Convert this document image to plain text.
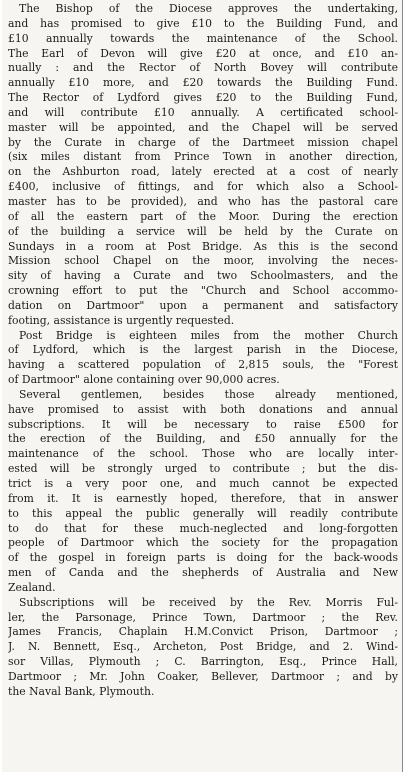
The Bishop of the Diocese approves the undertaking,
and has promised to give £10 to the Building Fund, and
£10 annually towards the maintenance of the School.
The Earl of Devon will give £20 at once, and £10 an-
nually : and the Rector of North Bovey will contribute
annually £10 more, and £20 towards the Building Fund.
The Rector of Lydford gives £20 to the Building Fund,
and will contribute £10 annually. A certificated school-
master will be appointed, and the Chapel will be served
by the Curate in charge of the Dartmeet mission chapel
(six miles distant from Prince Town in another direction,
on the Ashburton road, lately erected at a cost of nearly
£400, inclusive of fittings, and for which also a School-
master has to be provided), and who has the pastoral care
of all the eastern part of the Moor. During the erection
of the building a service will be held by the Curate on
Sundays in a room at Post Bridge. As this is the second
Mission school Chapel on the moor, involving the neces-
sity of having a Curate and two Schoolmasters, and the
crowning effort to put the "Church and School accommo-
dation on Dartmoor" upon a permanent and satisfactory
footing, assistance is urgently requested.
Post Bridge is eighteen miles from the mother Church
of Lydford, which is the largest parish in the Diocese,
having a scattered population of 2,815 souls, the "Forest
of Dartmoor" alone containing over 90,000 acres.
Several gentlemen, besides those already mentioned,
have promised to assist with both donations and annual
subscriptions. It will be necessary to raise £500 for
the erection of the Building, and £50 annually for the
maintenance of the school. Those who are locally inter-
ested will be strongly urged to contribute ; but the dis-
trict is a very poor one, and much cannot be expected
from it. It is earnestly hoped, therefore, that in answer
to this appeal the public generally will readily contribute
to do that for these much-neglected and long-forgotten
people of Dartmoor which the society for the propagation
of the gospel in foreign parts is doing for the back-woods
men of Canda and the shepherds of Australia and New
Zealand.
Subscriptions will be received by the Rev. Morris Ful-
ler, the Parsonage, Prince Town, Dartmoor ; the Rev.
James Francis, Chaplain H.M.Convict Prison, Dartmoor ;
J. N. Bennett, Esq., Archeton, Post Bridge, and 2. Wind-
sor Villas, Plymouth ; C. Barrington, Esq., Prince Hall,
Dartmoor ; Mr. John Coaker, Bellever, Dartmoor ; and by
the Naval Bank, Plymouth.
